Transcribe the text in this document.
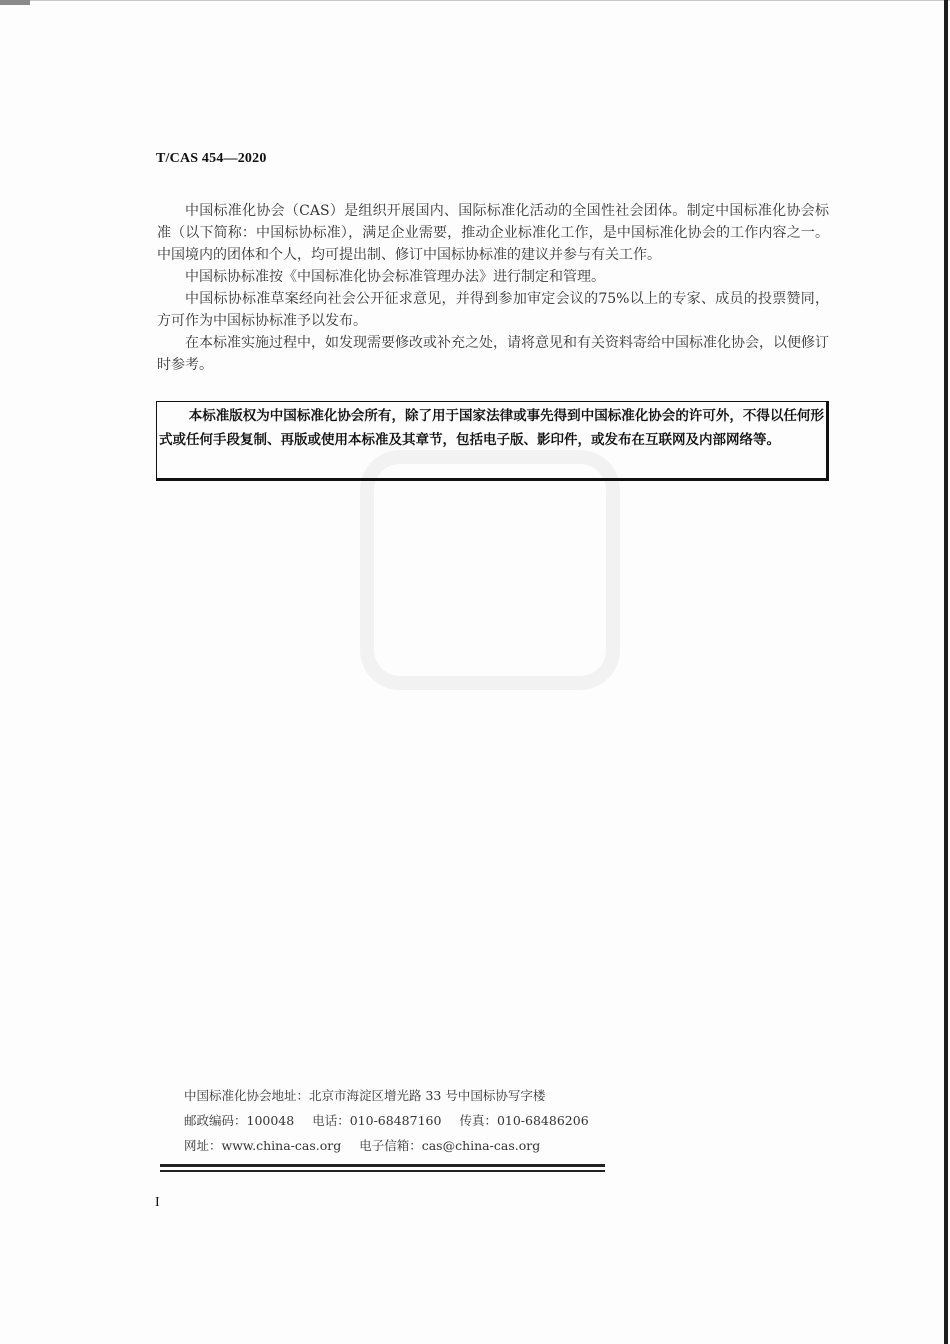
T/CAS 454—2020

中国标准化协会（CAS）是组织开展国内、国际标准化活动的全国性社会团体。制定中国标准化协会标准（以下简称：中国标协标准），满足企业需要，推动企业标准化工作，是中国标准化协会的工作内容之一。中国境内的团体和个人，均可提出制、修订中国标协标准的建议并参与有关工作。

中国标协标准按《中国标准化协会标准管理办法》进行制定和管理。

中国标协标准草案经向社会公开征求意见，并得到参加审定会议的75%以上的专家、成员的投票赞同，方可作为中国标协标准予以发布。

在本标准实施过程中，如发现需要修改或补充之处，请将意见和有关资料寄给中国标准化协会，以便修订时参考。

本标准版权为中国标准化协会所有，除了用于国家法律或事先得到中国标准化协会的许可外，不得以任何形式或任何手段复制、再版或使用本标准及其章节，包括电子版、影印件，或发布在互联网及内部网络等。
中国标准化协会地址：北京市海淀区增光路 33 号中国标协写字楼
邮政编码：100048 电话：010-68487160 传真：010-68486206
网址：www.china-cas.org 电子信箱：cas@china-cas.org
I
